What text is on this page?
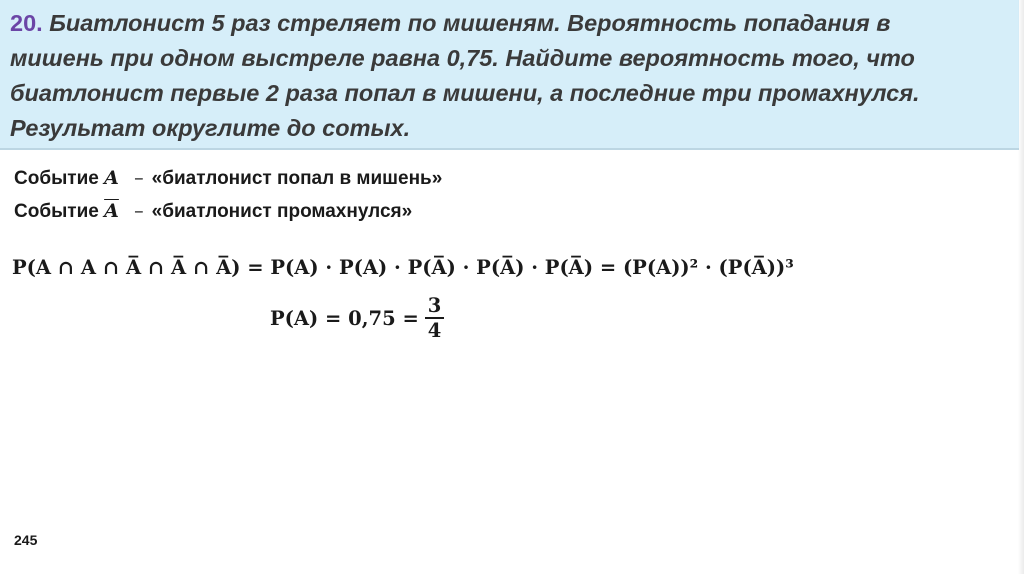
20. Биатлонист 5 раз стреляет по мишеням. Вероятность попадания в
мишень при одном выстреле равна 0,75. Найдите вероятность того, что
биатлонист первые 2 раза попал в мишени, а последние три промахнулся.
Результат округлите до сотых.

Событие A – «биатлонист попал в мишень»
Событие $\overline{A}$ – «биатлонист промахнулся»
P(A ∩ A ∩ A̅ ∩ A̅ ∩ A̅) = P(A) · P(A) · P(A̅) · P(A̅) · P(A̅) = (P(A))² · (P(A̅))³
$P(A) = 0,75 = \frac{3}{4}$
245
